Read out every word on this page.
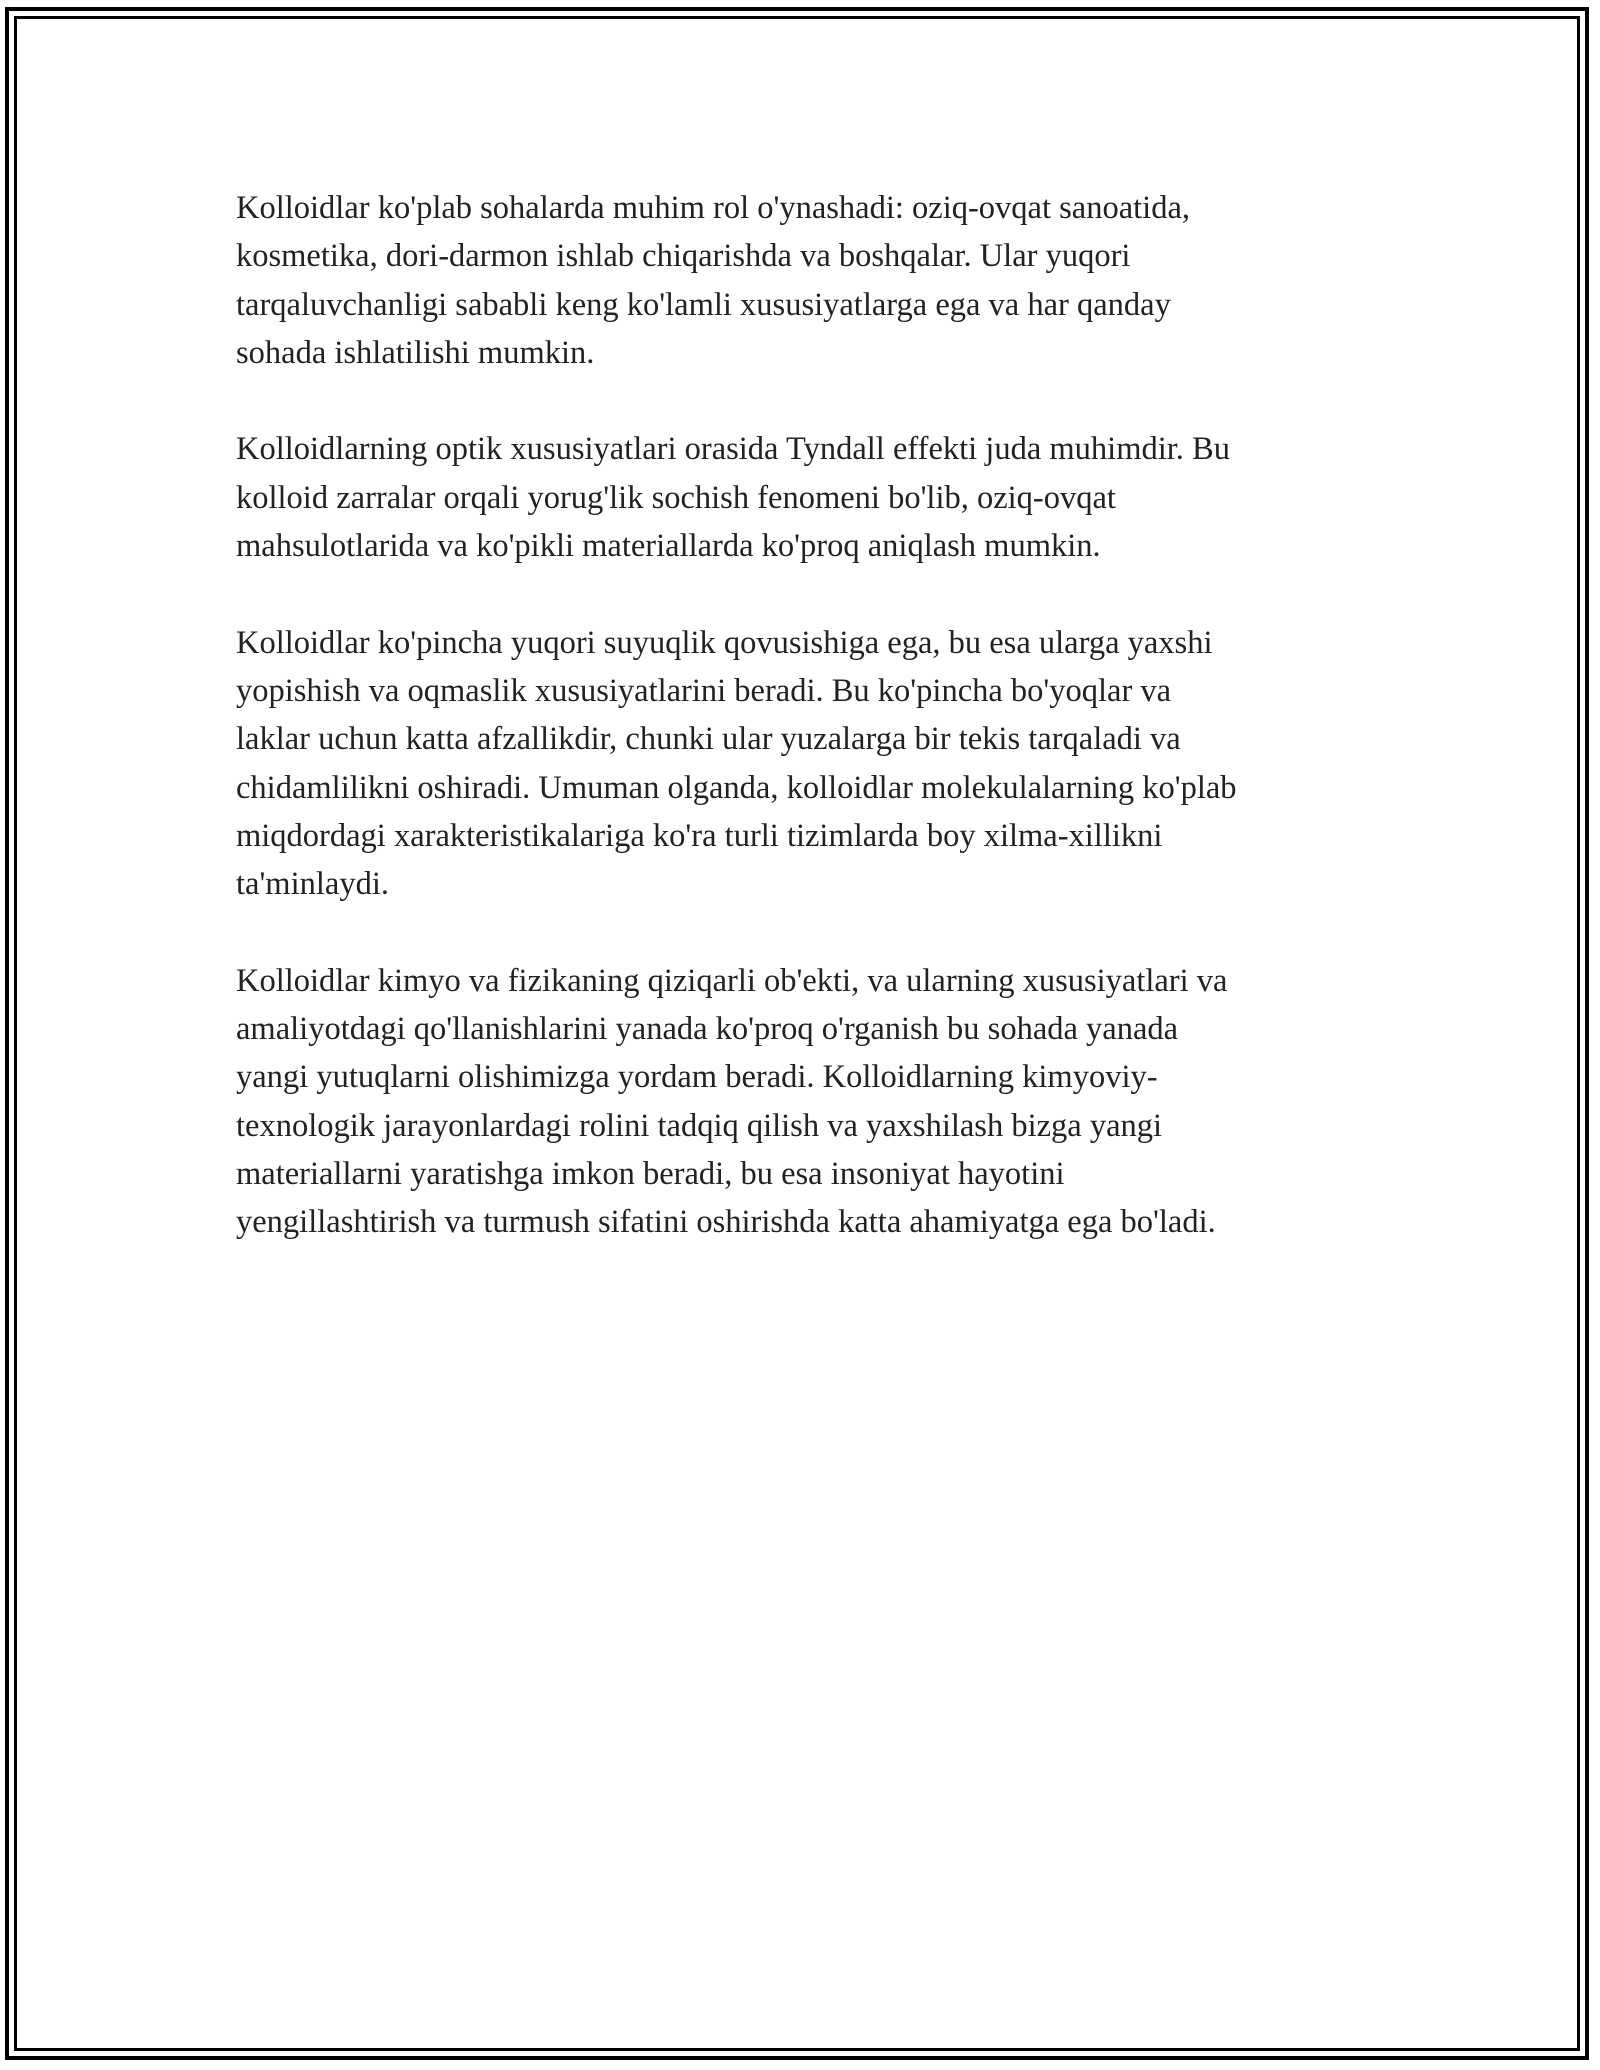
Kolloidlar ko'plab sohalarda muhim rol o'ynashadi: oziq-ovqat sanoatida,
kosmetika, dori-darmon ishlab chiqarishda va boshqalar. Ular yuqori
tarqaluvchanligi sababli keng ko'lamli xususiyatlarga ega va har qanday
sohada ishlatilishi mumkin.
Kolloidlarning optik xususiyatlari orasida Tyndall effekti juda muhimdir. Bu
kolloid zarralar orqali yorug'lik sochish fenomeni bo'lib, oziq-ovqat
mahsulotlarida va ko'pikli materiallarda ko'proq aniqlash mumkin.
Kolloidlar ko'pincha yuqori suyuqlik qovusishiga ega, bu esa ularga yaxshi
yopishish va oqmaslik xususiyatlarini beradi. Bu ko'pincha bo'yoqlar va
laklar uchun katta afzallikdir, chunki ular yuzalarga bir tekis tarqaladi va
chidamlilikni oshiradi. Umuman olganda, kolloidlar molekulalarning ko'plab
miqdordagi xarakteristikalariga ko'ra turli tizimlarda boy xilma-xillikni
ta'minlaydi.
Kolloidlar kimyo va fizikaning qiziqarli ob'ekti, va ularning xususiyatlari va
amaliyotdagi qo'llanishlarini yanada ko'proq o'rganish bu sohada yanada
yangi yutuqlarni olishimizga yordam beradi. Kolloidlarning kimyoviy-
texnologik jarayonlardagi rolini tadqiq qilish va yaxshilash bizga yangi
materiallarni yaratishga imkon beradi, bu esa insoniyat hayotini
yengillashtirish va turmush sifatini oshirishda katta ahamiyatga ega bo'ladi.
